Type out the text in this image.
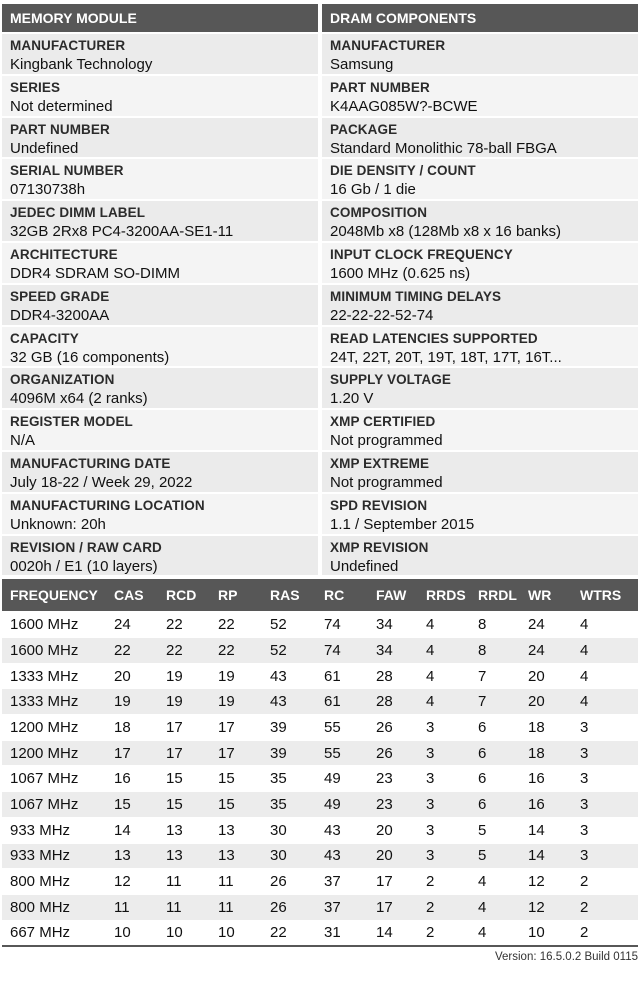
MEMORY MODULE
MANUFACTURER
Kingbank Technology
SERIES
Not determined
PART NUMBER
Undefined
SERIAL NUMBER
07130738h
JEDEC DIMM LABEL
32GB 2Rx8 PC4-3200AA-SE1-11
ARCHITECTURE
DDR4 SDRAM SO-DIMM
SPEED GRADE
DDR4-3200AA
CAPACITY
32 GB (16 components)
ORGANIZATION
4096M x64 (2 ranks)
REGISTER MODEL
N/A
MANUFACTURING DATE
July 18-22 / Week 29, 2022
MANUFACTURING LOCATION
Unknown: 20h
REVISION / RAW CARD
0020h / E1 (10 layers)
DRAM COMPONENTS
MANUFACTURER
Samsung
PART NUMBER
K4AAG085W?-BCWE
PACKAGE
Standard Monolithic 78-ball FBGA
DIE DENSITY / COUNT
16 Gb / 1 die
COMPOSITION
2048Mb x8 (128Mb x8 x 16 banks)
INPUT CLOCK FREQUENCY
1600 MHz (0.625 ns)
MINIMUM TIMING DELAYS
22-22-22-52-74
READ LATENCIES SUPPORTED
24T, 22T, 20T, 19T, 18T, 17T, 16T...
SUPPLY VOLTAGE
1.20 V
XMP CERTIFIED
Not programmed
XMP EXTREME
Not programmed
SPD REVISION
1.1 / September 2015
XMP REVISION
Undefined
FREQUENCY	CAS	RCD	RP	RAS	RC	FAW	RRDS	RRDL	WR	WTRS
1600 MHz	24	22	22	52	74	34	4	8	24	4
1600 MHz	22	22	22	52	74	34	4	8	24	4
1333 MHz	20	19	19	43	61	28	4	7	20	4
1333 MHz	19	19	19	43	61	28	4	7	20	4
1200 MHz	18	17	17	39	55	26	3	6	18	3
1200 MHz	17	17	17	39	55	26	3	6	18	3
1067 MHz	16	15	15	35	49	23	3	6	16	3
1067 MHz	15	15	15	35	49	23	3	6	16	3
933 MHz	14	13	13	30	43	20	3	5	14	3
933 MHz	13	13	13	30	43	20	3	5	14	3
800 MHz	12	11	11	26	37	17	2	4	12	2
800 MHz	11	11	11	26	37	17	2	4	12	2
667 MHz	10	10	10	22	31	14	2	4	10	2
Version: 16.5.0.2 Build 0115
